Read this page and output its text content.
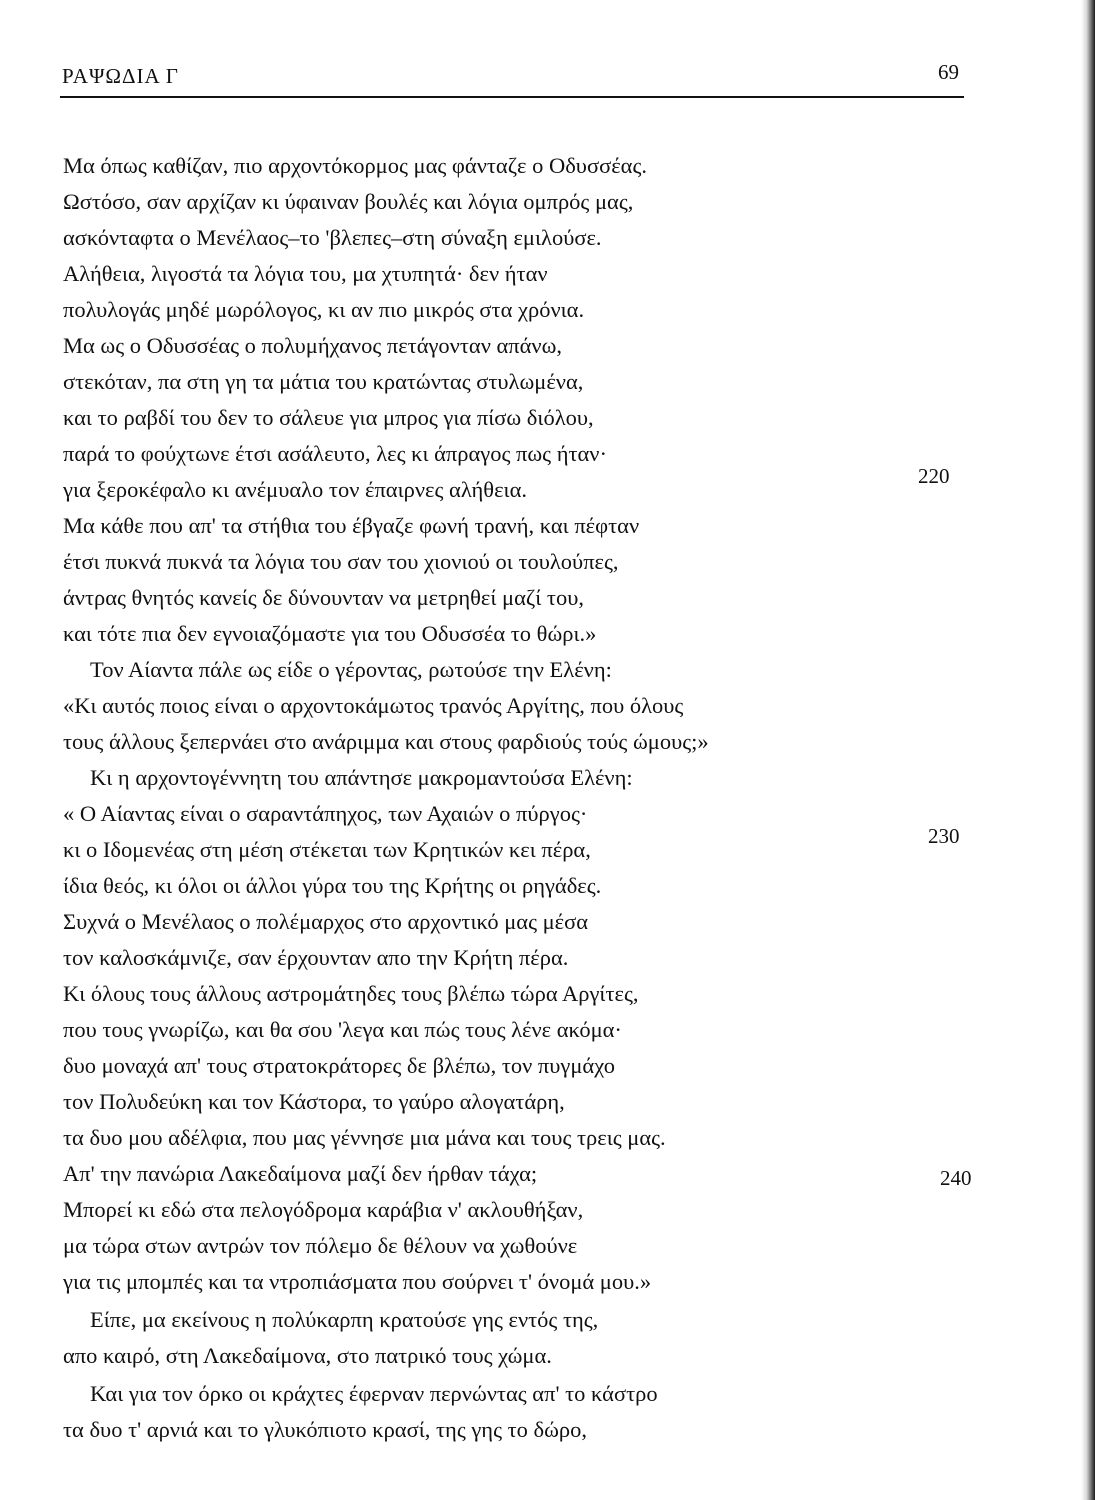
ΡΑΨΩΔΙΑ Γ	69
Μα όπως καθίζαν, πιο αρχοντόκορμος μας φάνταζε ο Οδυσσέας.
Ωστόσο, σαν αρχίζαν κι ύφαιναν βουλές και λόγια ομπρός μας,
ασκόνταφτα ο Μενέλαος–το 'βλεπες–στη σύναξη εμιλούσε.
Αλήθεια, λιγοστά τα λόγια του, μα χτυπητά· δεν ήταν
πολυλογάς μηδέ μωρόλογος, κι αν πιο μικρός στα χρόνια.
Μα ως ο Οδυσσέας ο πολυμήχανος πετάγονταν απάνω,
στεκόταν, πα στη γη τα μάτια του κρατώντας στυλωμένα,
και το ραβδί του δεν το σάλευε για μπρος για πίσω διόλου,
παρά το φούχτωνε έτσι ασάλευτο, λες κι άπραγος πως ήταν·
για ξεροκέφαλο κι ανέμυαλο τον έπαιρνες αλήθεια.
Μα κάθε που απ' τα στήθια του έβγαζε φωνή τρανή, και πέφταν
έτσι πυκνά πυκνά τα λόγια του σαν του χιονιού οι τουλούπες,
άντρας θνητός κανείς δε δύνουνταν να μετρηθεί μαζί του,
και τότε πια δεν εγνοιαζόμαστε για του Οδυσσέα το θώρι.»
Τον Αίαντα πάλε ως είδε ο γέροντας, ρωτούσε την Ελένη:
«Κι αυτός ποιος είναι ο αρχοντοκάμωτος τρανός Αργίτης, που όλους
τους άλλους ξεπερνάει στο ανάριμμα και στους φαρδιούς τούς ώμους;»
Κι η αρχοντογέννητη του απάντησε μακρομαντούσα Ελένη:
« Ο Αίαντας είναι ο σαραντάπηχος, των Αχαιών ο πύργος·
κι ο Ιδομενέας στη μέση στέκεται των Κρητικών κει πέρα,
ίδια θεός, κι όλοι οι άλλοι γύρα του της Κρήτης οι ρηγάδες.
Συχνά ο Μενέλαος ο πολέμαρχος στο αρχοντικό μας μέσα
τον καλοσκάμνιζε, σαν έρχουνταν απο την Κρήτη πέρα.
Κι όλους τους άλλους αστρομάτηδες τους βλέπω τώρα Αργίτες,
που τους γνωρίζω, και θα σου 'λεγα και πώς τους λένε ακόμα·
δυο μοναχά απ' τους στρατοκράτορες δε βλέπω, τον πυγμάχο
τον Πολυδεύκη και τον Κάστορα, το γαύρο αλογατάρη,
τα δυο μου αδέλφια, που μας γέννησε μια μάνα και τους τρεις μας.
Απ' την πανώρια Λακεδαίμονα μαζί δεν ήρθαν τάχα;
Μπορεί κι εδώ στα πελογόδρομα καράβια ν' ακλουθήξαν,
μα τώρα στων αντρών τον πόλεμο δε θέλουν να χωθούνε
για τις μπομπές και τα ντροπιάσματα που σούρνει τ' όνομά μου.»
Είπε, μα εκείνους η πολύκαρπη κρατούσε γης εντός της,
απο καιρό, στη Λακεδαίμονα, στο πατρικό τους χώμα.
Και για τον όρκο οι κράχτες έφερναν περνώντας απ' το κάστρο
τα δυο τ' αρνιά και το γλυκόπιοτο κρασί, της γης το δώρο,
220
230
240
